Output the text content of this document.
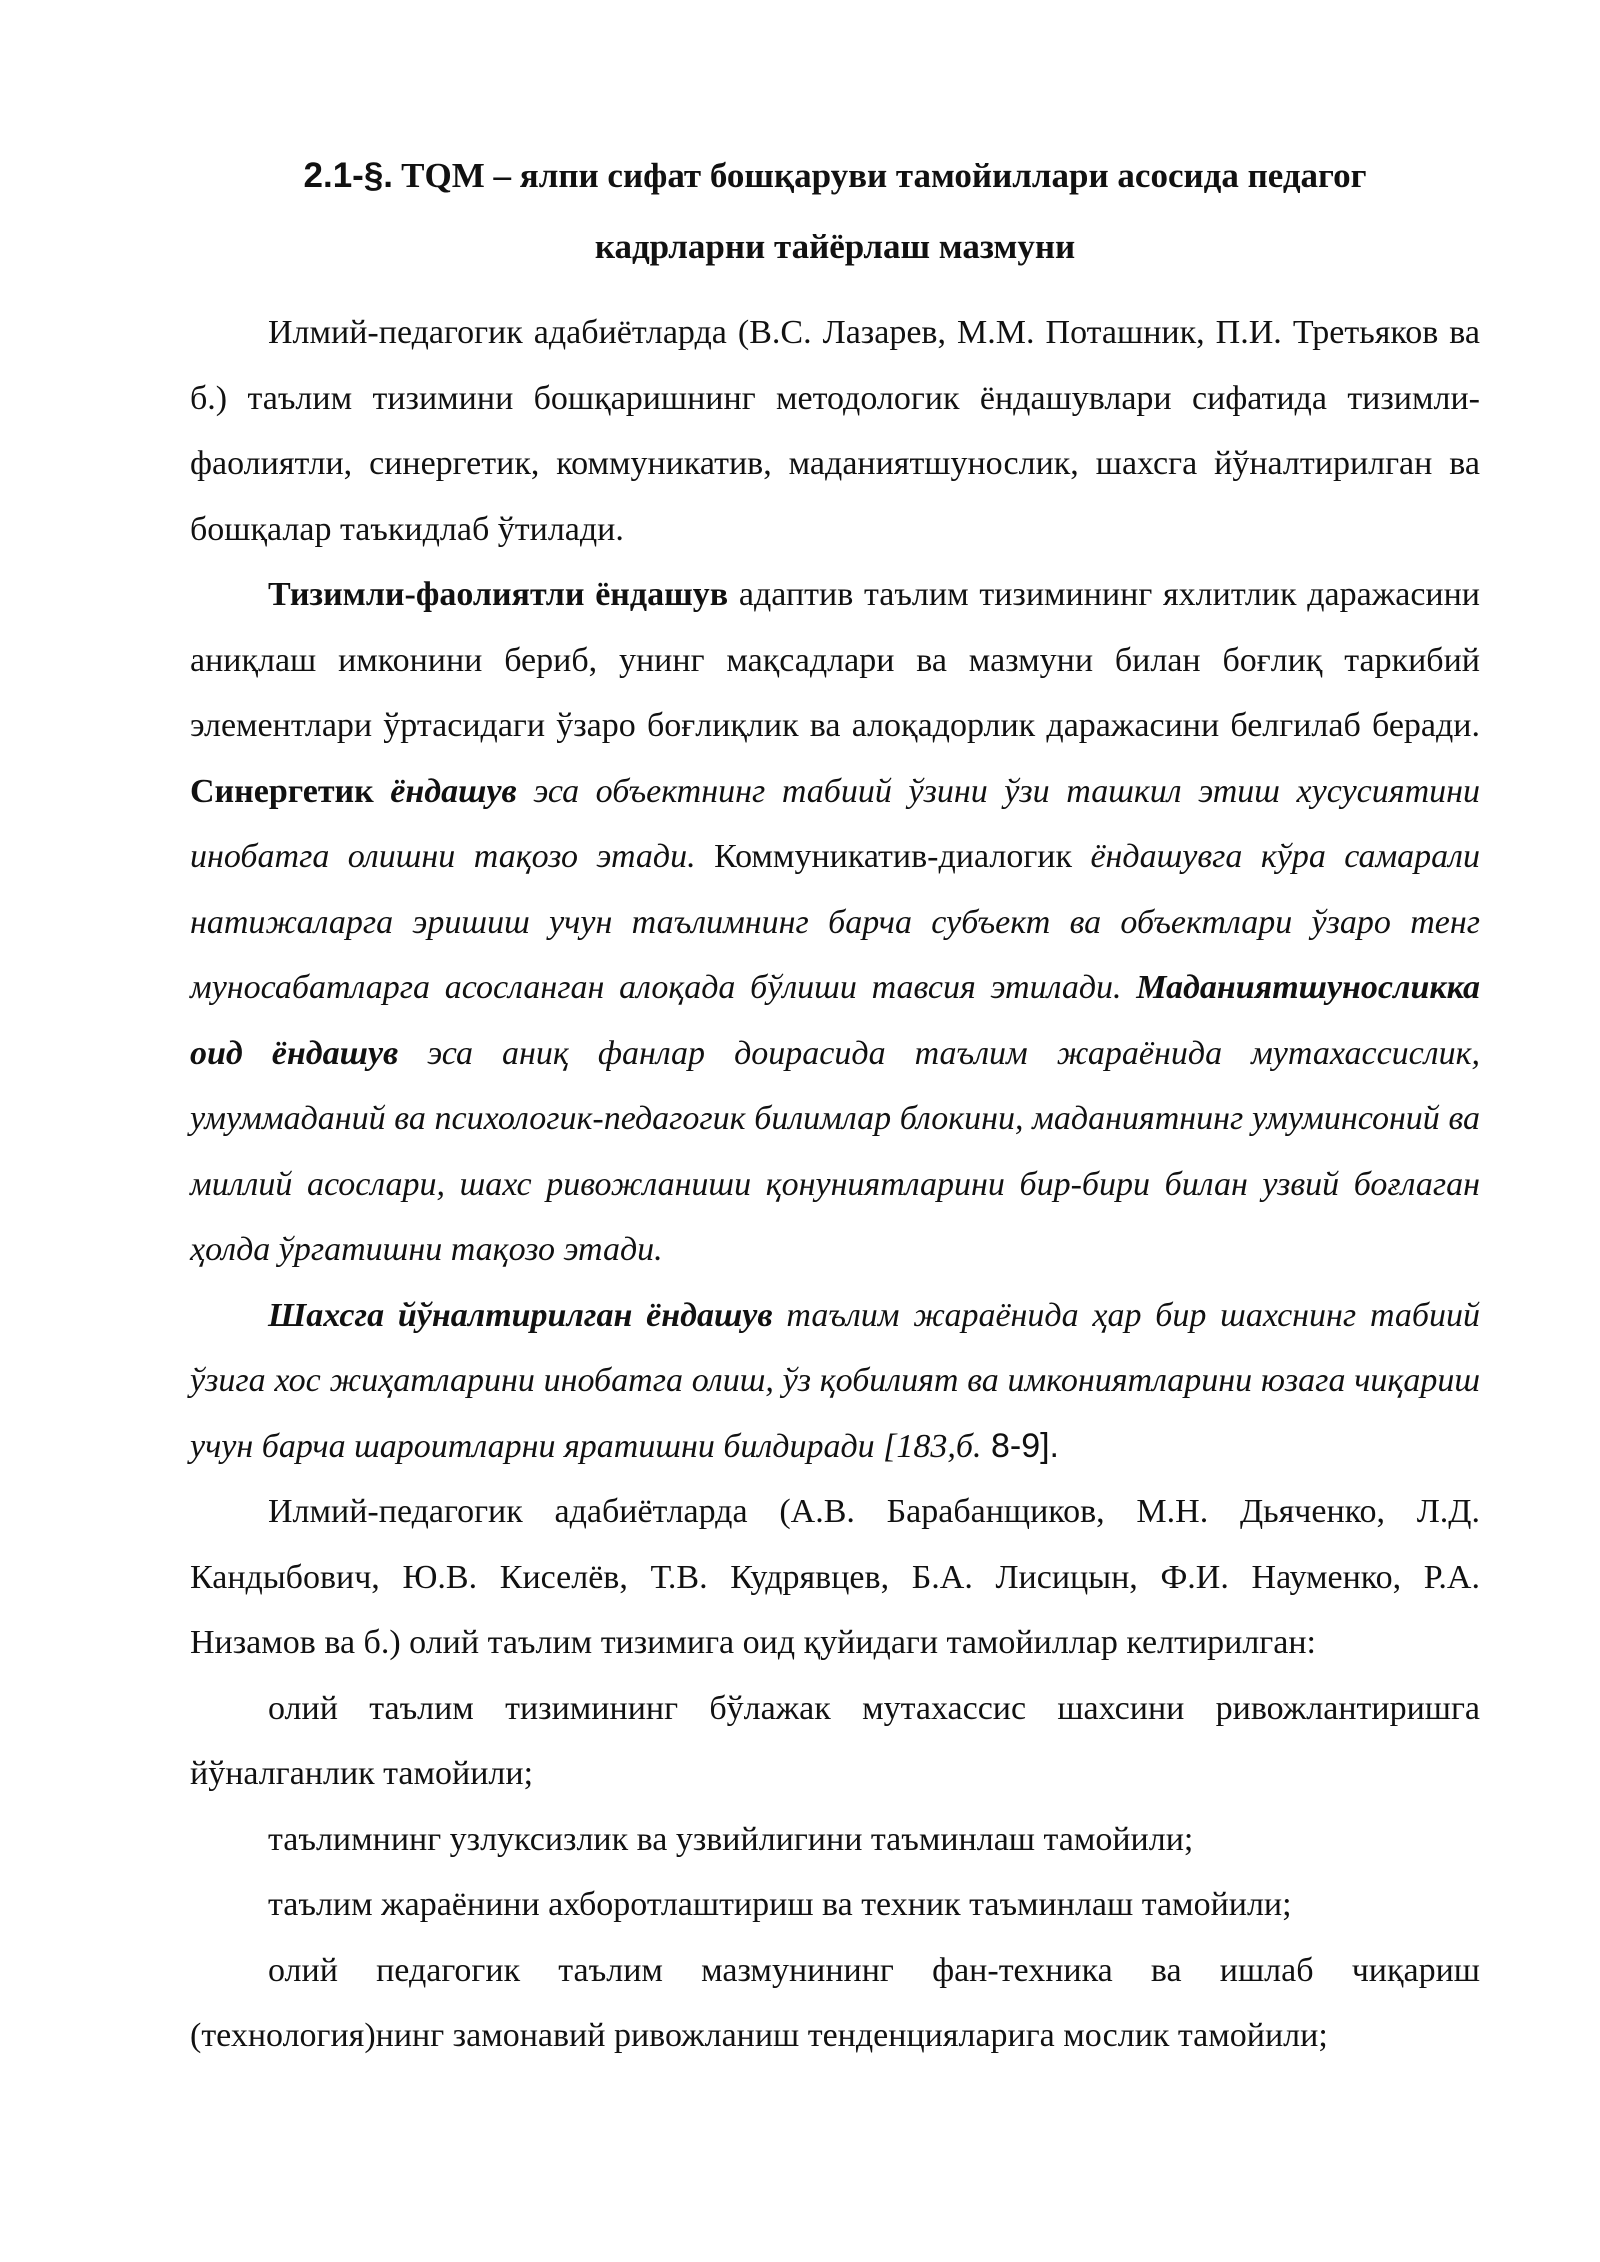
2.1-§. TQM – ялпи сифат бошқаруви тамойиллари асосида педагог
кадрларни тайёрлаш мазмуни

Илмий-педагогик адабиётларда (В.С. Лазарев, М.М. Поташник, П.И. Третьяков ва б.) таълим тизимини бошқаришнинг методологик ёндашувлари сифатида тизимли-фаолиятли, синергетик, коммуникатив, маданиятшунослик, шахсга йўналтирилган ва бошқалар таъкидлаб ўтилади.

Тизимли-фаолиятли ёндашув адаптив таълим тизимининг яхлитлик даражасини аниқлаш имконини бериб, унинг мақсадлари ва мазмуни билан боғлиқ таркибий элементлари ўртасидаги ўзаро боғлиқлик ва алоқадорлик даражасини белгилаб беради. Синергетик ёндашув эса объектнинг табиий ўзини ўзи ташкил этиш хусусиятини инобатга олишни тақозо этади. Коммуникатив-диалогик ёндашувга кўра самарали натижаларга эришиш учун таълимнинг барча субъект ва объектлари ўзаро тенг муносабатларга асосланган алоқада бўлиши тавсия этилади. Маданиятшуносликка оид ёндашув эса аниқ фанлар доирасида таълим жараёнида мутахассислик, умуммаданий ва психологик-педагогик билимлар блокини, маданиятнинг умуминсоний ва миллий асослари, шахс ривожланиши қонуниятларини бир-бири билан узвий боғлаган ҳолда ўргатишни тақозо этади.

Шахсга йўналтирилган ёндашув таълим жараёнида ҳар бир шахснинг табиий ўзига хос жиҳатларини инобатга олиш, ўз қобилият ва имкониятларини юзага чиқариш учун барча шароитларни яратишни билдиради [183,б. 8-9].

Илмий-педагогик адабиётларда (А.В. Барабанщиков, М.Н. Дьяченко, Л.Д. Кандыбович, Ю.В. Киселёв, Т.В. Кудрявцев, Б.А. Лисицын, Ф.И. Науменко, Р.А. Низамов ва б.) олий таълим тизимига оид қуйидаги тамойиллар келтирилган:

олий таълим тизимининг бўлажак мутахассис шахсини ривожлантиришга йўналганлик тамойили;

таълимнинг узлуксизлик ва узвийлигини таъминлаш тамойили;

таълим жараёнини ахборотлаштириш ва техник таъминлаш тамойили;

олий педагогик таълим мазмунининг фан-техника ва ишлаб чиқариш (технология)нинг замонавий ривожланиш тенденцияларига мослик тамойили;
